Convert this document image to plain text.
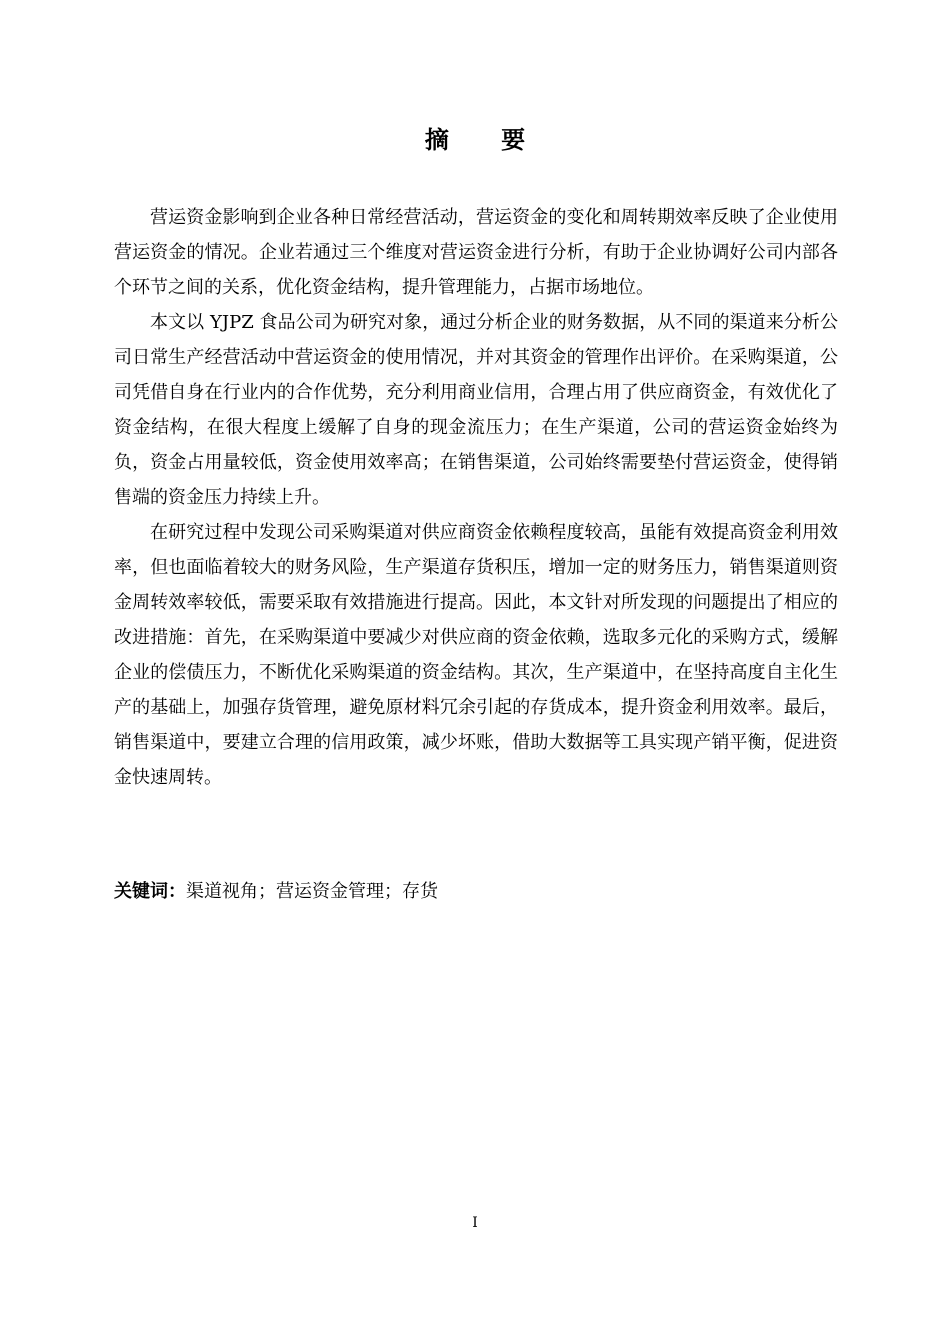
摘 要

营运资金影响到企业各种日常经营活动，营运资金的变化和周转期效率反映了企业使用营运资金的情况。企业若通过三个维度对营运资金进行分析，有助于企业协调好公司内部各个环节之间的关系，优化资金结构，提升管理能力，占据市场地位。

本文以 YJPZ 食品公司为研究对象，通过分析企业的财务数据，从不同的渠道来分析公司日常生产经营活动中营运资金的使用情况，并对其资金的管理作出评价。在采购渠道，公司凭借自身在行业内的合作优势，充分利用商业信用，合理占用了供应商资金，有效优化了资金结构，在很大程度上缓解了自身的现金流压力；在生产渠道，公司的营运资金始终为负，资金占用量较低，资金使用效率高；在销售渠道，公司始终需要垫付营运资金，使得销售端的资金压力持续上升。

在研究过程中发现公司采购渠道对供应商资金依赖程度较高，虽能有效提高资金利用效率，但也面临着较大的财务风险，生产渠道存货积压，增加一定的财务压力，销售渠道则资金周转效率较低，需要采取有效措施进行提高。因此，本文针对所发现的问题提出了相应的改进措施：首先，在采购渠道中要减少对供应商的资金依赖，选取多元化的采购方式，缓解企业的偿债压力，不断优化采购渠道的资金结构。其次，生产渠道中，在坚持高度自主化生产的基础上，加强存货管理，避免原材料冗余引起的存货成本，提升资金利用效率。最后，销售渠道中，要建立合理的信用政策，减少坏账，借助大数据等工具实现产销平衡，促进资金快速周转。

关键词：渠道视角；营运资金管理；存货
I
